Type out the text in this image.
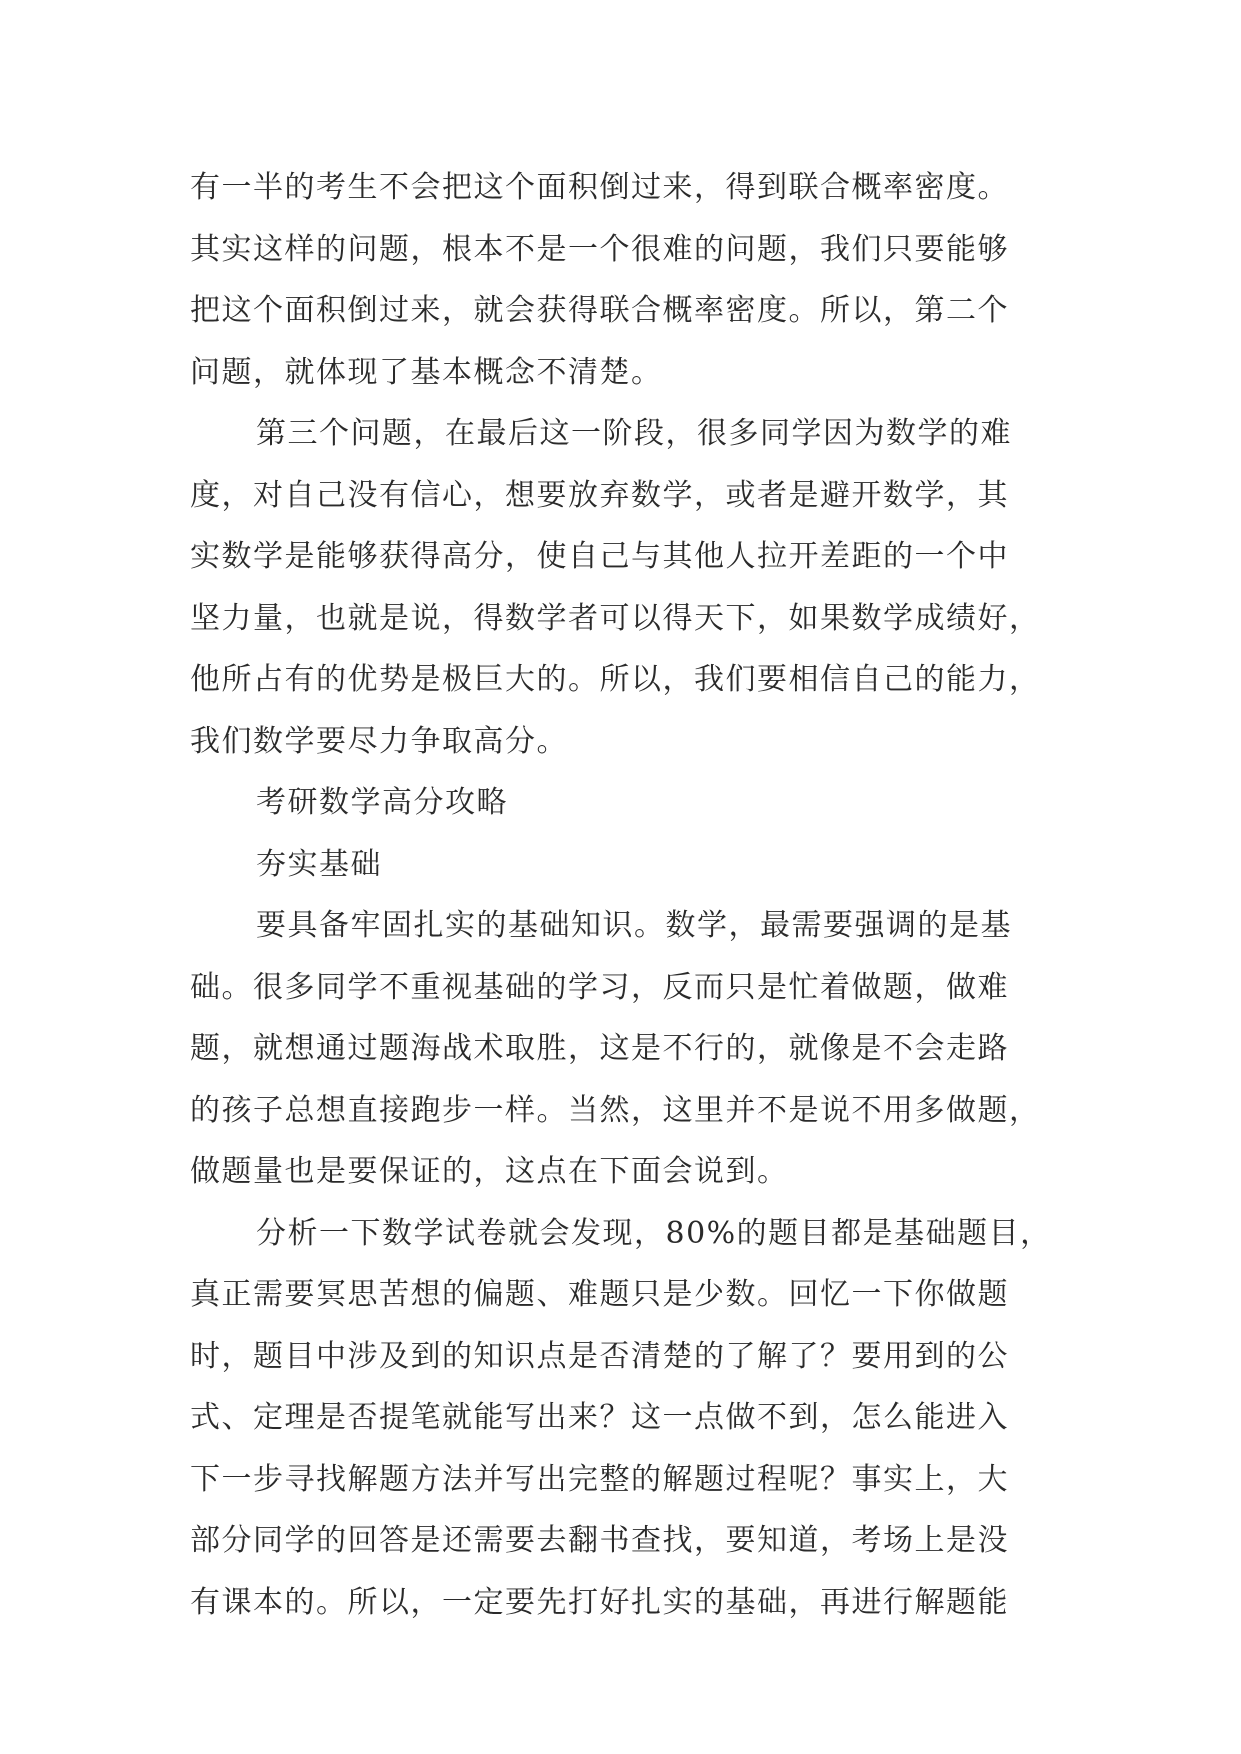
有一半的考生不会把这个面积倒过来，得到联合概率密度。
其实这样的问题，根本不是一个很难的问题，我们只要能够
把这个面积倒过来，就会获得联合概率密度。所以，第二个
问题，就体现了基本概念不清楚。
第三个问题，在最后这一阶段，很多同学因为数学的难
度，对自己没有信心，想要放弃数学，或者是避开数学，其
实数学是能够获得高分，使自己与其他人拉开差距的一个中
坚力量，也就是说，得数学者可以得天下，如果数学成绩好，
他所占有的优势是极巨大的。所以，我们要相信自己的能力，
我们数学要尽力争取高分。
考研数学高分攻略
夯实基础
要具备牢固扎实的基础知识。数学，最需要强调的是基
础。很多同学不重视基础的学习，反而只是忙着做题，做难
题，就想通过题海战术取胜，这是不行的，就像是不会走路
的孩子总想直接跑步一样。当然，这里并不是说不用多做题，
做题量也是要保证的，这点在下面会说到。
分析一下数学试卷就会发现，80%的题目都是基础题目，
真正需要冥思苦想的偏题、难题只是少数。回忆一下你做题
时，题目中涉及到的知识点是否清楚的了解了？要用到的公
式、定理是否提笔就能写出来？这一点做不到，怎么能进入
下一步寻找解题方法并写出完整的解题过程呢？事实上，大
部分同学的回答是还需要去翻书查找，要知道，考场上是没
有课本的。所以，一定要先打好扎实的基础，再进行解题能
